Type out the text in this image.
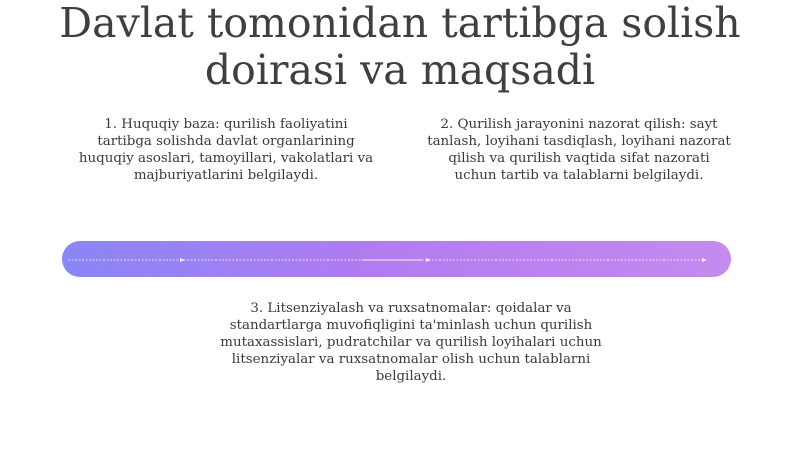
Davlat tomonidan tartibga solish doirasi va maqsadi
1. Huquqiy baza: qurilish faoliyatini tartibga solishda davlat organlarining huquqiy asoslari, tamoyillari, vakolatlari va majburiyatlarini belgilaydi.
2. Qurilish jarayonini nazorat qilish: sayt tanlash, loyihani tasdiqlash, loyihani nazorat qilish va qurilish vaqtida sifat nazorati uchun tartib va talablarni belgilaydi.
3. Litsenziyalash va ruxsatnomalar: qoidalar va standartlarga muvofiqligini ta'minlash uchun qurilish mutaxassislari, pudratchilar va qurilish loyihalari uchun litsenziyalar va ruxsatnomalar olish uchun talablarni belgilaydi.
